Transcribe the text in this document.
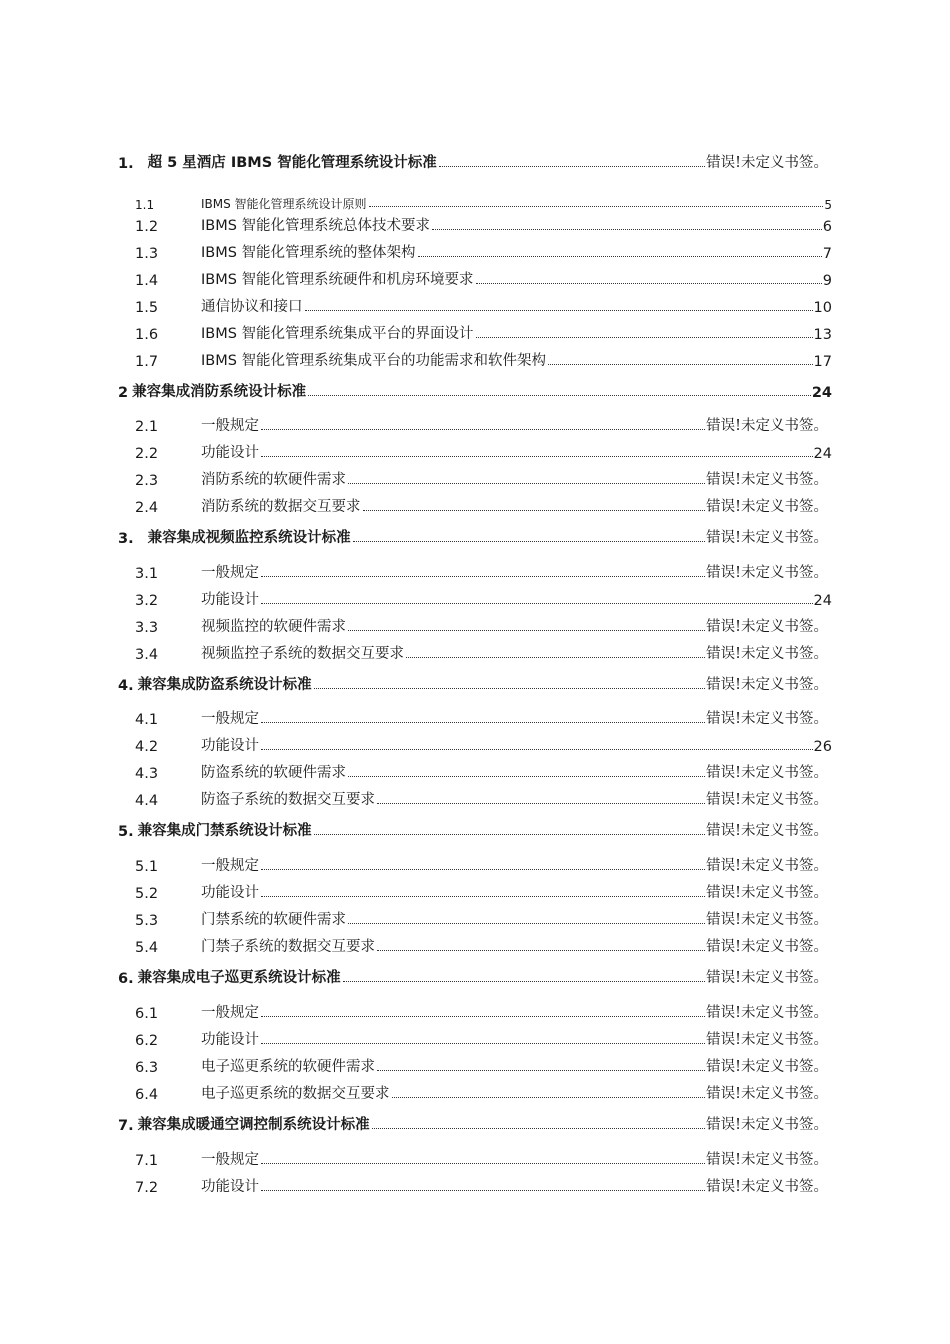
1. 超 5 星酒店 IBMS 智能化管理系统设计标准	错误!未定义书签。
1.1	IBMS 智能化管理系统设计原则	5
1.2	IBMS 智能化管理系统总体技术要求	6
1.3	IBMS 智能化管理系统的整体架构	7
1.4	IBMS 智能化管理系统硬件和机房环境要求	9
1.5	通信协议和接口	10
1.6	IBMS 智能化管理系统集成平台的界面设计	13
1.7	IBMS 智能化管理系统集成平台的功能需求和软件架构	17
2 兼容集成消防系统设计标准	24
2.1	一般规定	错误!未定义书签。
2.2	功能设计	24
2.3	消防系统的软硬件需求	错误!未定义书签。
2.4	消防系统的数据交互要求	错误!未定义书签。
3. 兼容集成视频监控系统设计标准	错误!未定义书签。
3.1	一般规定	错误!未定义书签。
3.2	功能设计	24
3.3	视频监控的软硬件需求	错误!未定义书签。
3.4	视频监控子系统的数据交互要求	错误!未定义书签。
4. 兼容集成防盗系统设计标准	错误!未定义书签。
4.1	一般规定	错误!未定义书签。
4.2	功能设计	26
4.3	防盗系统的软硬件需求	错误!未定义书签。
4.4	防盗子系统的数据交互要求	错误!未定义书签。
5. 兼容集成门禁系统设计标准	错误!未定义书签。
5.1	一般规定	错误!未定义书签。
5.2	功能设计	错误!未定义书签。
5.3	门禁系统的软硬件需求	错误!未定义书签。
5.4	门禁子系统的数据交互要求	错误!未定义书签。
6. 兼容集成电子巡更系统设计标准	错误!未定义书签。
6.1	一般规定	错误!未定义书签。
6.2	功能设计	错误!未定义书签。
6.3	电子巡更系统的软硬件需求	错误!未定义书签。
6.4	电子巡更系统的数据交互要求	错误!未定义书签。
7. 兼容集成暖通空调控制系统设计标准	错误!未定义书签。
7.1	一般规定	错误!未定义书签。
7.2	功能设计	错误!未定义书签。
